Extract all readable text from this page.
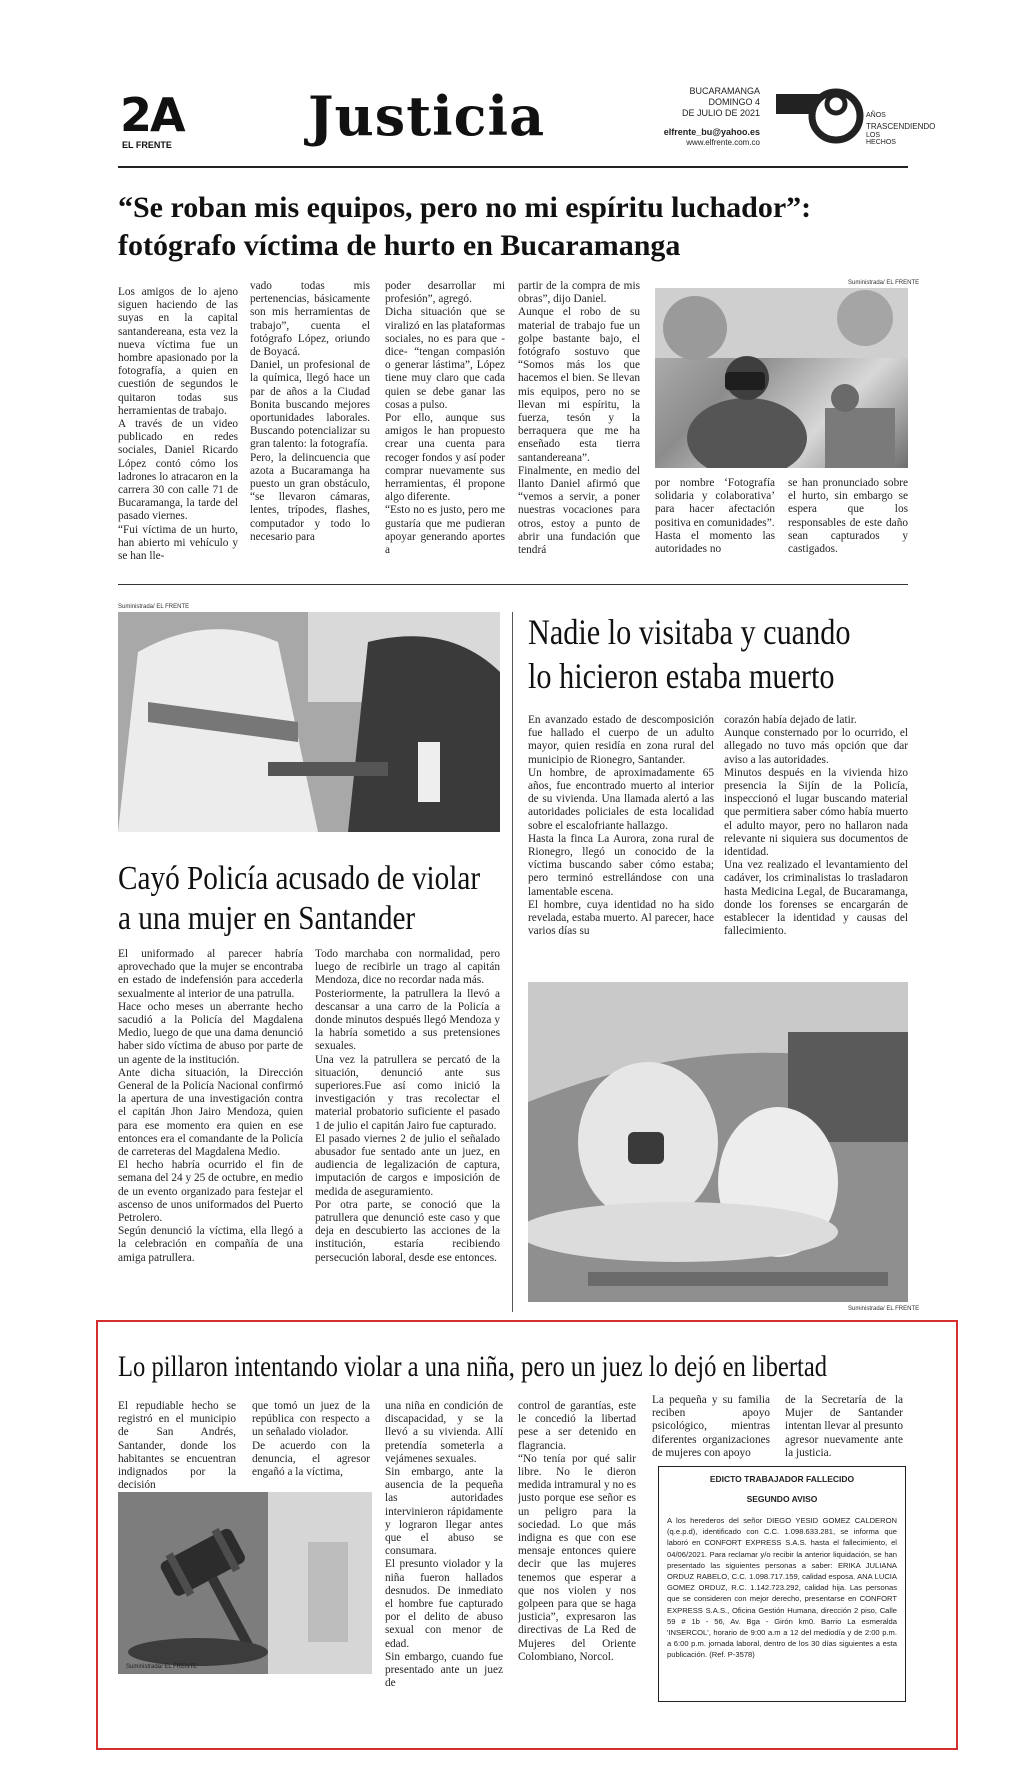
2A
EL FRENTE	Justicia	BUCARAMANGA
DOMINGO 4
DE JULIO DE 2021
elfrente_bu@yahoo.es
www.elfrente.com.co
AÑOS
TRASCENDIENDO
LOS HECHOS
“Se roban mis equipos, pero no mi espíritu luchador”:
fotógrafo víctima de hurto en Bucaramanga
Los amigos de lo ajeno siguen haciendo de las suyas en la capital santandereana, esta vez la nueva víctima fue un hombre apasionado por la fotografía, a quien en cuestión de segundos le quitaron todas sus herramientas de trabajo.
A través de un video publicado en redes sociales, Daniel Ricardo López contó cómo los ladrones lo atracaron en la carrera 30 con calle 71 de Bucaramanga, la tarde del pasado viernes.
“Fui víctima de un hurto, han abierto mi vehículo y se han lle-
vado todas mis pertenencias, básicamente son mis herramientas de trabajo”, cuenta el fotógrafo López, oriundo de Boyacá.
Daniel, un profesional de la química, llegó hace un par de años a la Ciudad Bonita buscando mejores oportunidades laborales. Buscando potencializar su gran talento: la fotografía.
Pero, la delincuencia que azota a Bucaramanga ha puesto un gran obstáculo, “se llevaron cámaras, lentes, trípodes, flashes, computador y todo lo necesario para
poder desarrollar mi profesión”, agregó.
Dicha situación que se viralizó en las plataformas sociales, no es para que - dice- “tengan compasión o generar lástima”, López tiene muy claro que cada quien se debe ganar las cosas a pulso.
Por ello, aunque sus amigos le han propuesto crear una cuenta para recoger fondos y así poder comprar nuevamente sus herramientas, él propone algo diferente.
“Esto no es justo, pero me gustaría que me pudieran apoyar generando aportes a
partir de la compra de mis obras”, dijo Daniel.
Aunque el robo de su material de trabajo fue un golpe bastante bajo, el fotógrafo sostuvo que “Somos más los que hacemos el bien. Se llevan mis equipos, pero no se llevan mi espíritu, la fuerza, tesón y la berraquera que me ha enseñado esta tierra santandereana”.
Finalmente, en medio del llanto Daniel afirmó que “vemos a servir, a poner nuestras vocaciones para otros, estoy a punto de abrir una fundación que tendrá
Suministrada/ EL FRENTE
por nombre ‘Fotografía solidaria y colaborativa’ para hacer afectación positiva en comunidades”.
Hasta el momento las autoridades no
se han pronunciado sobre el hurto, sin embargo se espera que los responsables de este daño sean capturados y castigados.
Suministrada/ EL FRENTE
Cayó Policía acusado de violar
a una mujer en Santander
El uniformado al parecer habría aprovechado que la mujer se encontraba en estado de indefensión para accederla sexualmente al interior de una patrulla.
Hace ocho meses un aberrante hecho sacudió a la Policía del Magdalena Medio, luego de que una dama denunció haber sido víctima de abuso por parte de un agente de la institución.
Ante dicha situación, la Dirección General de la Policía Nacional confirmó la apertura de una investigación contra el capitán Jhon Jairo Mendoza, quien para ese momento era quien en ese entonces era el comandante de la Policía de carreteras del Magdalena Medio.
El hecho habría ocurrido el fin de semana del 24 y 25 de octubre, en medio de un evento organizado para festejar el ascenso de unos uniformados del Puerto Petrolero.
Según denunció la víctima, ella llegó a la celebración en compañía de una amiga patrullera.
Todo marchaba con normalidad, pero luego de recibirle un trago al capitán Mendoza, dice no recordar nada más.
Posteriormente, la patrullera la llevó a descansar a una carro de la Policía a donde minutos después llegó Mendoza y la habría sometido a sus pretensiones sexuales.
Una vez la patrullera se percató de la situación, denunció ante sus superiores.Fue así como inició la investigación y tras recolectar el material probatorio suficiente el pasado 1 de julio el capitán Jairo fue capturado.
El pasado viernes 2 de julio el señalado abusador fue sentado ante un juez, en audiencia de legalización de captura, imputación de cargos e imposición de medida de aseguramiento.
Por otra parte, se conoció que la patrullera que denunció este caso y que deja en descubierto las acciones de la institución, estaría recibiendo persecución laboral, desde ese entonces.
Nadie lo visitaba y cuando
lo hicieron estaba muerto
En avanzado estado de descomposición fue hallado el cuerpo de un adulto mayor, quien residía en zona rural del municipio de Rionegro, Santander.
Un hombre, de aproximadamente 65 años, fue encontrado muerto al interior de su vivienda. Una llamada alertó a las autoridades policiales de esta localidad sobre el escalofriante hallazgo.
Hasta la finca La Aurora, zona rural de Rionegro, llegó un conocido de la víctima buscando saber cómo estaba; pero terminó estrellándose con una lamentable escena.
El hombre, cuya identidad no ha sido revelada, estaba muerto. Al parecer, hace varios días su
corazón había dejado de latir.
Aunque consternado por lo ocurrido, el allegado no tuvo más opción que dar aviso a las autoridades.
Minutos después en la vivienda hizo presencia la Sijín de la Policía, inspeccionó el lugar buscando material que permitiera saber cómo había muerto el adulto mayor, pero no hallaron nada relevante ni siquiera sus documentos de identidad.
Una vez realizado el levantamiento del cadáver, los criminalistas lo trasladaron hasta Medicina Legal, de Bucaramanga, donde los forenses se encargarán de establecer la identidad y causas del fallecimiento.
Suministrada/ EL FRENTE
Lo pillaron intentando violar a una niña, pero un juez lo dejó en libertad
El repudiable hecho se registró en el municipio de San Andrés, Santander, donde los habitantes se encuentran indignados por la decisión
que tomó un juez de la república con respecto a un señalado violador.
De acuerdo con la denuncia, el agresor engañó a la víctima,
Suministrada/ EL FRENTE
una niña en condición de discapacidad, y se la llevó a su vivienda. Allí pretendía someterla a vejámenes sexuales.
Sin embargo, ante la ausencia de la pequeña las autoridades intervinieron rápidamente y lograron llegar antes que el abuso se consumara.
El presunto violador y la niña fueron hallados desnudos. De inmediato el hombre fue capturado por el delito de abuso sexual con menor de edad.
Sin embargo, cuando fue presentado ante un juez de
control de garantías, este le concedió la libertad pese a ser detenido en flagrancia.
“No tenía por qué salir libre. No le dieron medida intramural y no es justo porque ese señor es un peligro para la sociedad. Lo que más indigna es que con ese mensaje entonces quiere decir que las mujeres tenemos que esperar a que nos violen y nos golpeen para que se haga justicia”, expresaron las directivas de La Red de Mujeres del Oriente Colombiano, Norcol.
La pequeña y su familia reciben apoyo psicológico, mientras diferentes organizaciones de mujeres con apoyo
de la Secretaría de la Mujer de Santander intentan llevar al presunto agresor nuevamente ante la justicia.
EDICTO TRABAJADOR FALLECIDO
SEGUNDO AVISO
A los herederos del señor DIEGO YESID GOMEZ CALDERON (q.e.p.d), identificado con C.C. 1.098.633.281, se informa que laboró en CONFORT EXPRESS S.A.S. hasta el fallecimiento, el 04/06/2021. Para reclamar y/o recibir la anterior liquidación, se han presentado las siguientes personas a saber: ERIKA JULIANA ORDUZ RABELO, C.C. 1.098.717.159, calidad esposa. ANA LUCIA GOMEZ ORDUZ, R.C. 1.142.723.292, calidad hija. Las personas que se consideren con mejor derecho, presentarse en CONFORT EXPRESS S.A.S., Oficina Gestión Humana, dirección 2 piso, Calle 59 # 1b - 56, Av. Bga - Girón km0. Barrio La esmeralda 'INSERCOL', horario de 9:00 a.m a 12 del mediodía y de 2:00 p.m. a 6:00 p.m. jornada laboral, dentro de los 30 días siguientes a esta publicación. (Ref. P-3578)
